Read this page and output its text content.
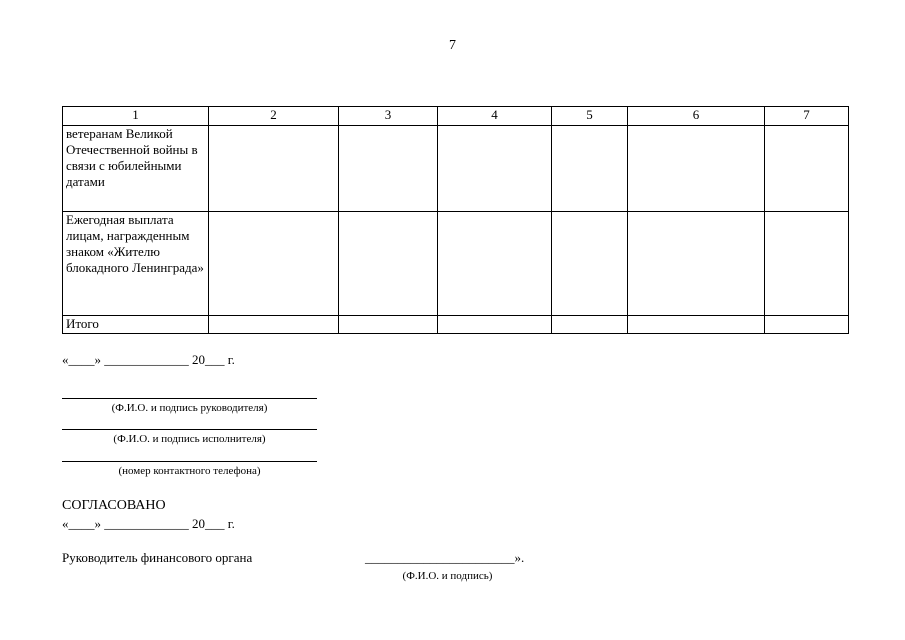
7
1	2	3	4	5	6	7
ветеранам Великой Отечественной войны в связи с юбилейными датами						
Ежегодная выплата лицам, награжденным знаком «Жителю блокадного Ленинграда»						
Итого						
«____» _____________ 20___ г.
(Ф.И.О. и подпись руководителя)
(Ф.И.О. и подпись исполнителя)
(номер контактного телефона)
СОГЛАСОВАНО
«____» _____________ 20___ г.
Руководитель финансового органа	_______________________».
(Ф.И.О. и подпись)
